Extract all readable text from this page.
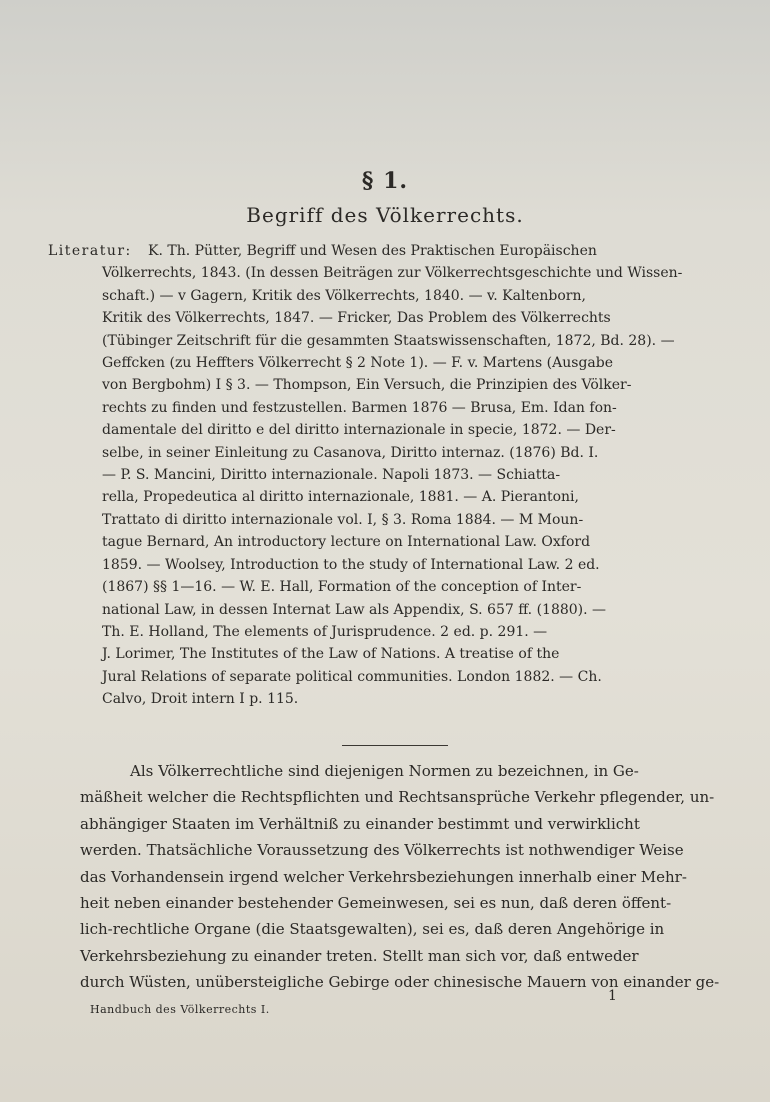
§ 1.
Begriff des Völkerrechts.
Literatur: K. Th. Pütter, Begriff und Wesen des Praktischen Europäischen
Völkerrechts, 1843. (In dessen Beiträgen zur Völkerrechtsgeschichte und Wissen-
schaft.) — v Gagern, Kritik des Völkerrechts, 1840. — v. Kaltenborn,
Kritik des Völkerrechts, 1847. — Fricker, Das Problem des Völkerrechts
(Tübinger Zeitschrift für die gesammten Staatswissenschaften, 1872, Bd. 28). —
Geffcken (zu Heffters Völkerrecht § 2 Note 1). — F. v. Martens (Ausgabe
von Bergbohm) I § 3. — Thompson, Ein Versuch, die Prinzipien des Völker-
rechts zu finden und festzustellen. Barmen 1876 — Brusa, Em. Idan fon-
damentale del diritto e del diritto internazionale in specie, 1872. — Der-
selbe, in seiner Einleitung zu Casanova, Diritto internaz. (1876) Bd. I.
— P. S. Mancini, Diritto internazionale. Napoli 1873. — Schiatta-
rella, Propedeutica al diritto internazionale, 1881. — A. Pierantoni,
Trattato di diritto internazionale vol. I, § 3. Roma 1884. — M Moun-
tague Bernard, An introductory lecture on International Law. Oxford
1859. — Woolsey, Introduction to the study of International Law. 2 ed.
(1867) §§ 1—16. — W. E. Hall, Formation of the conception of Inter-
national Law, in dessen Internat Law als Appendix, S. 657 ff. (1880). —
Th. E. Holland, The elements of Jurisprudence. 2 ed. p. 291. —
J. Lorimer, The Institutes of the Law of Nations. A treatise of the
Jural Relations of separate political communities. London 1882. — Ch.
Calvo, Droit intern I p. 115.
Als Völkerrechtliche sind diejenigen Normen zu bezeichnen, in Ge-
mäßheit welcher die Rechtspflichten und Rechtsansprüche Verkehr pflegender, un-
abhängiger Staaten im Verhältniß zu einander bestimmt und verwirklicht
werden. Thatsächliche Voraussetzung des Völkerrechts ist nothwendiger Weise
das Vorhandensein irgend welcher Verkehrsbeziehungen innerhalb einer Mehr-
heit neben einander bestehender Gemeinwesen, sei es nun, daß deren öffent-
lich-rechtliche Organe (die Staatsgewalten), sei es, daß deren Angehörige in
Verkehrsbeziehung zu einander treten. Stellt man sich vor, daß entweder
durch Wüsten, unübersteigliche Gebirge oder chinesische Mauern von einander ge-
1
Handbuch des Völkerrechts I.
